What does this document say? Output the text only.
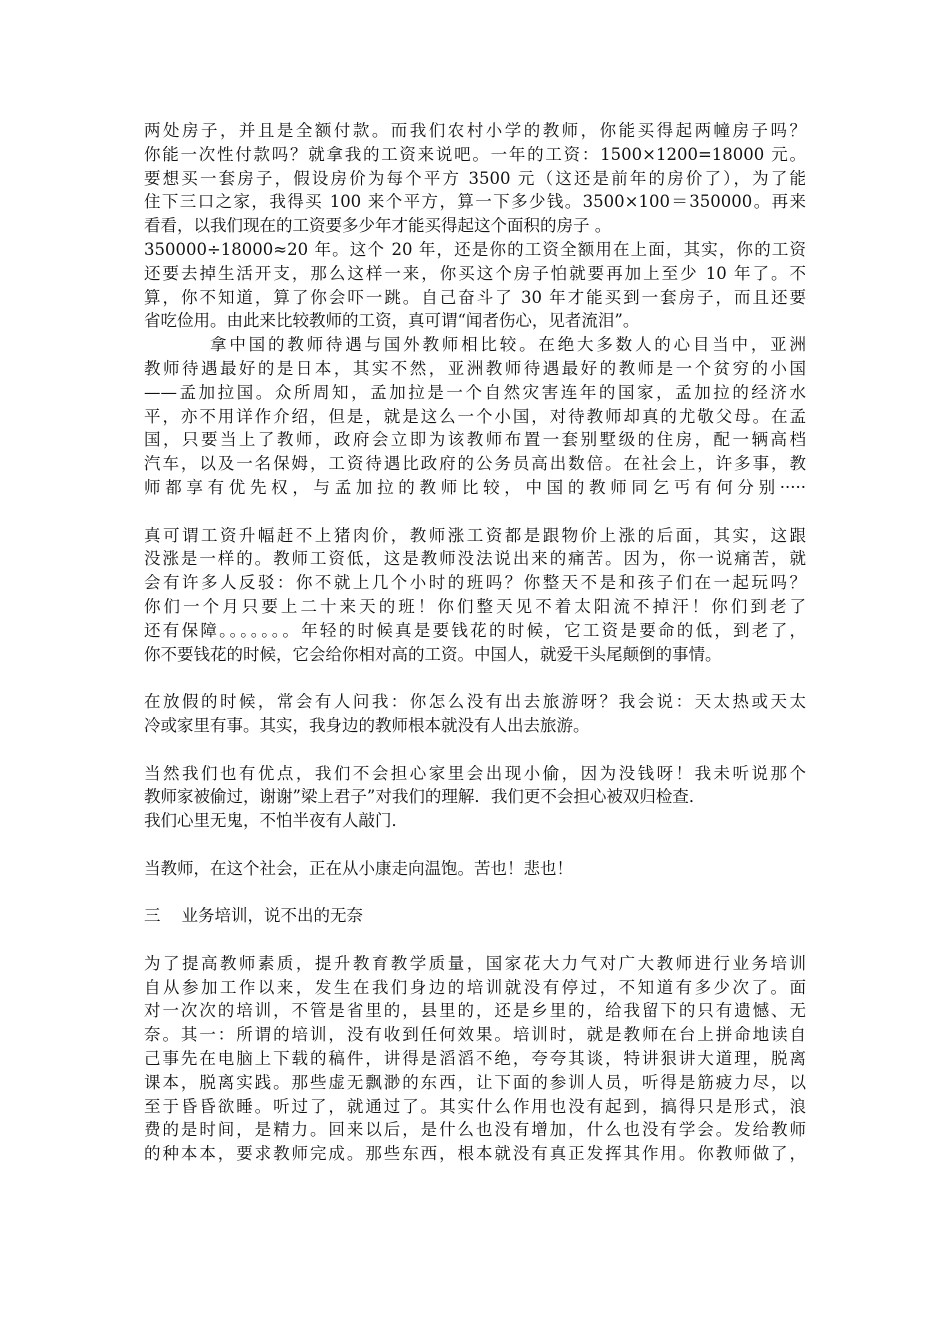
两处房子，并且是全额付款。而我们农村小学的教师，你能买得起两幢房子吗？
你能一次性付款吗？就拿我的工资来说吧。一年的工资：1500×1200=18000 元。
要想买一套房子，假设房价为每个平方 3500 元（这还是前年的房价了），为了能
住下三口之家，我得买 100 来个平方，算一下多少钱。3500×100＝350000。再来
看看，以我们现在的工资要多少年才能买得起这个面积的房子 。
350000÷18000≈20 年。这个 20 年，还是你的工资全额用在上面，其实，你的工资
还要去掉生活开支，那么这样一来，你买这个房子怕就要再加上至少 10 年了。不
算，你不知道，算了你会吓一跳。自己奋斗了 30 年才能买到一套房子，而且还要
省吃俭用。由此来比较教师的工资，真可谓“闻者伤心，见者流泪”。
拿中国的教师待遇与国外教师相比较。在绝大多数人的心目当中，亚洲
教师待遇最好的是日本，其实不然，亚洲教师待遇最好的教师是一个贫穷的小国
——孟加拉国。众所周知，孟加拉是一个自然灾害连年的国家，孟加拉的经济水
平，亦不用详作介绍，但是，就是这么一个小国，对待教师却真的尤敬父母。在孟
国，只要当上了教师，政府会立即为该教师布置一套别墅级的住房，配一辆高档
汽车，以及一名保姆，工资待遇比政府的公务员高出数倍。在社会上，许多事，教
师都享有优先权，与孟加拉的教师比较，中国的教师同乞丐有何分别·····
真可谓工资升幅赶不上猪肉价，教师涨工资都是跟物价上涨的后面，其实，这跟
没涨是一样的。教师工资低，这是教师没法说出来的痛苦。因为，你一说痛苦，就
会有许多人反驳：你不就上几个小时的班吗？你整天不是和孩子们在一起玩吗？
你们一个月只要上二十来天的班！你们整天见不着太阳流不掉汗！你们到老了
还有保障。。。。。。。年轻的时候真是要钱花的时候，它工资是要命的低，到老了，
你不要钱花的时候，它会给你相对高的工资。中国人，就爱干头尾颠倒的事情。
在放假的时候，常会有人问我：你怎么没有出去旅游呀？我会说：天太热或天太
冷或家里有事。其实，我身边的教师根本就没有人出去旅游。
当然我们也有优点，我们不会担心家里会出现小偷，因为没钱呀！我未听说那个
教师家被偷过，谢谢”梁上君子”对我们的理解．我们更不会担心被双归检查．
我们心里无鬼，不怕半夜有人敲门．
当教师，在这个社会，正在从小康走向温饱。苦也！悲也！
三    业务培训，说不出的无奈
为了提高教师素质，提升教育教学质量，国家花大力气对广大教师进行业务培训
自从参加工作以来，发生在我们身边的培训就没有停过，不知道有多少次了。面
对一次次的培训，不管是省里的，县里的，还是乡里的，给我留下的只有遗憾、无
奈。其一：所谓的培训，没有收到任何效果。培训时，就是教师在台上拼命地读自
己事先在电脑上下载的稿件，讲得是滔滔不绝，夸夸其谈，特讲狠讲大道理，脱离
课本，脱离实践。那些虚无飘渺的东西，让下面的参训人员，听得是筋疲力尽，以
至于昏昏欲睡。听过了，就通过了。其实什么作用也没有起到，搞得只是形式，浪
费的是时间，是精力。回来以后，是什么也没有增加，什么也没有学会。发给教师
的种本本，要求教师完成。那些东西，根本就没有真正发挥其作用。你教师做了，
